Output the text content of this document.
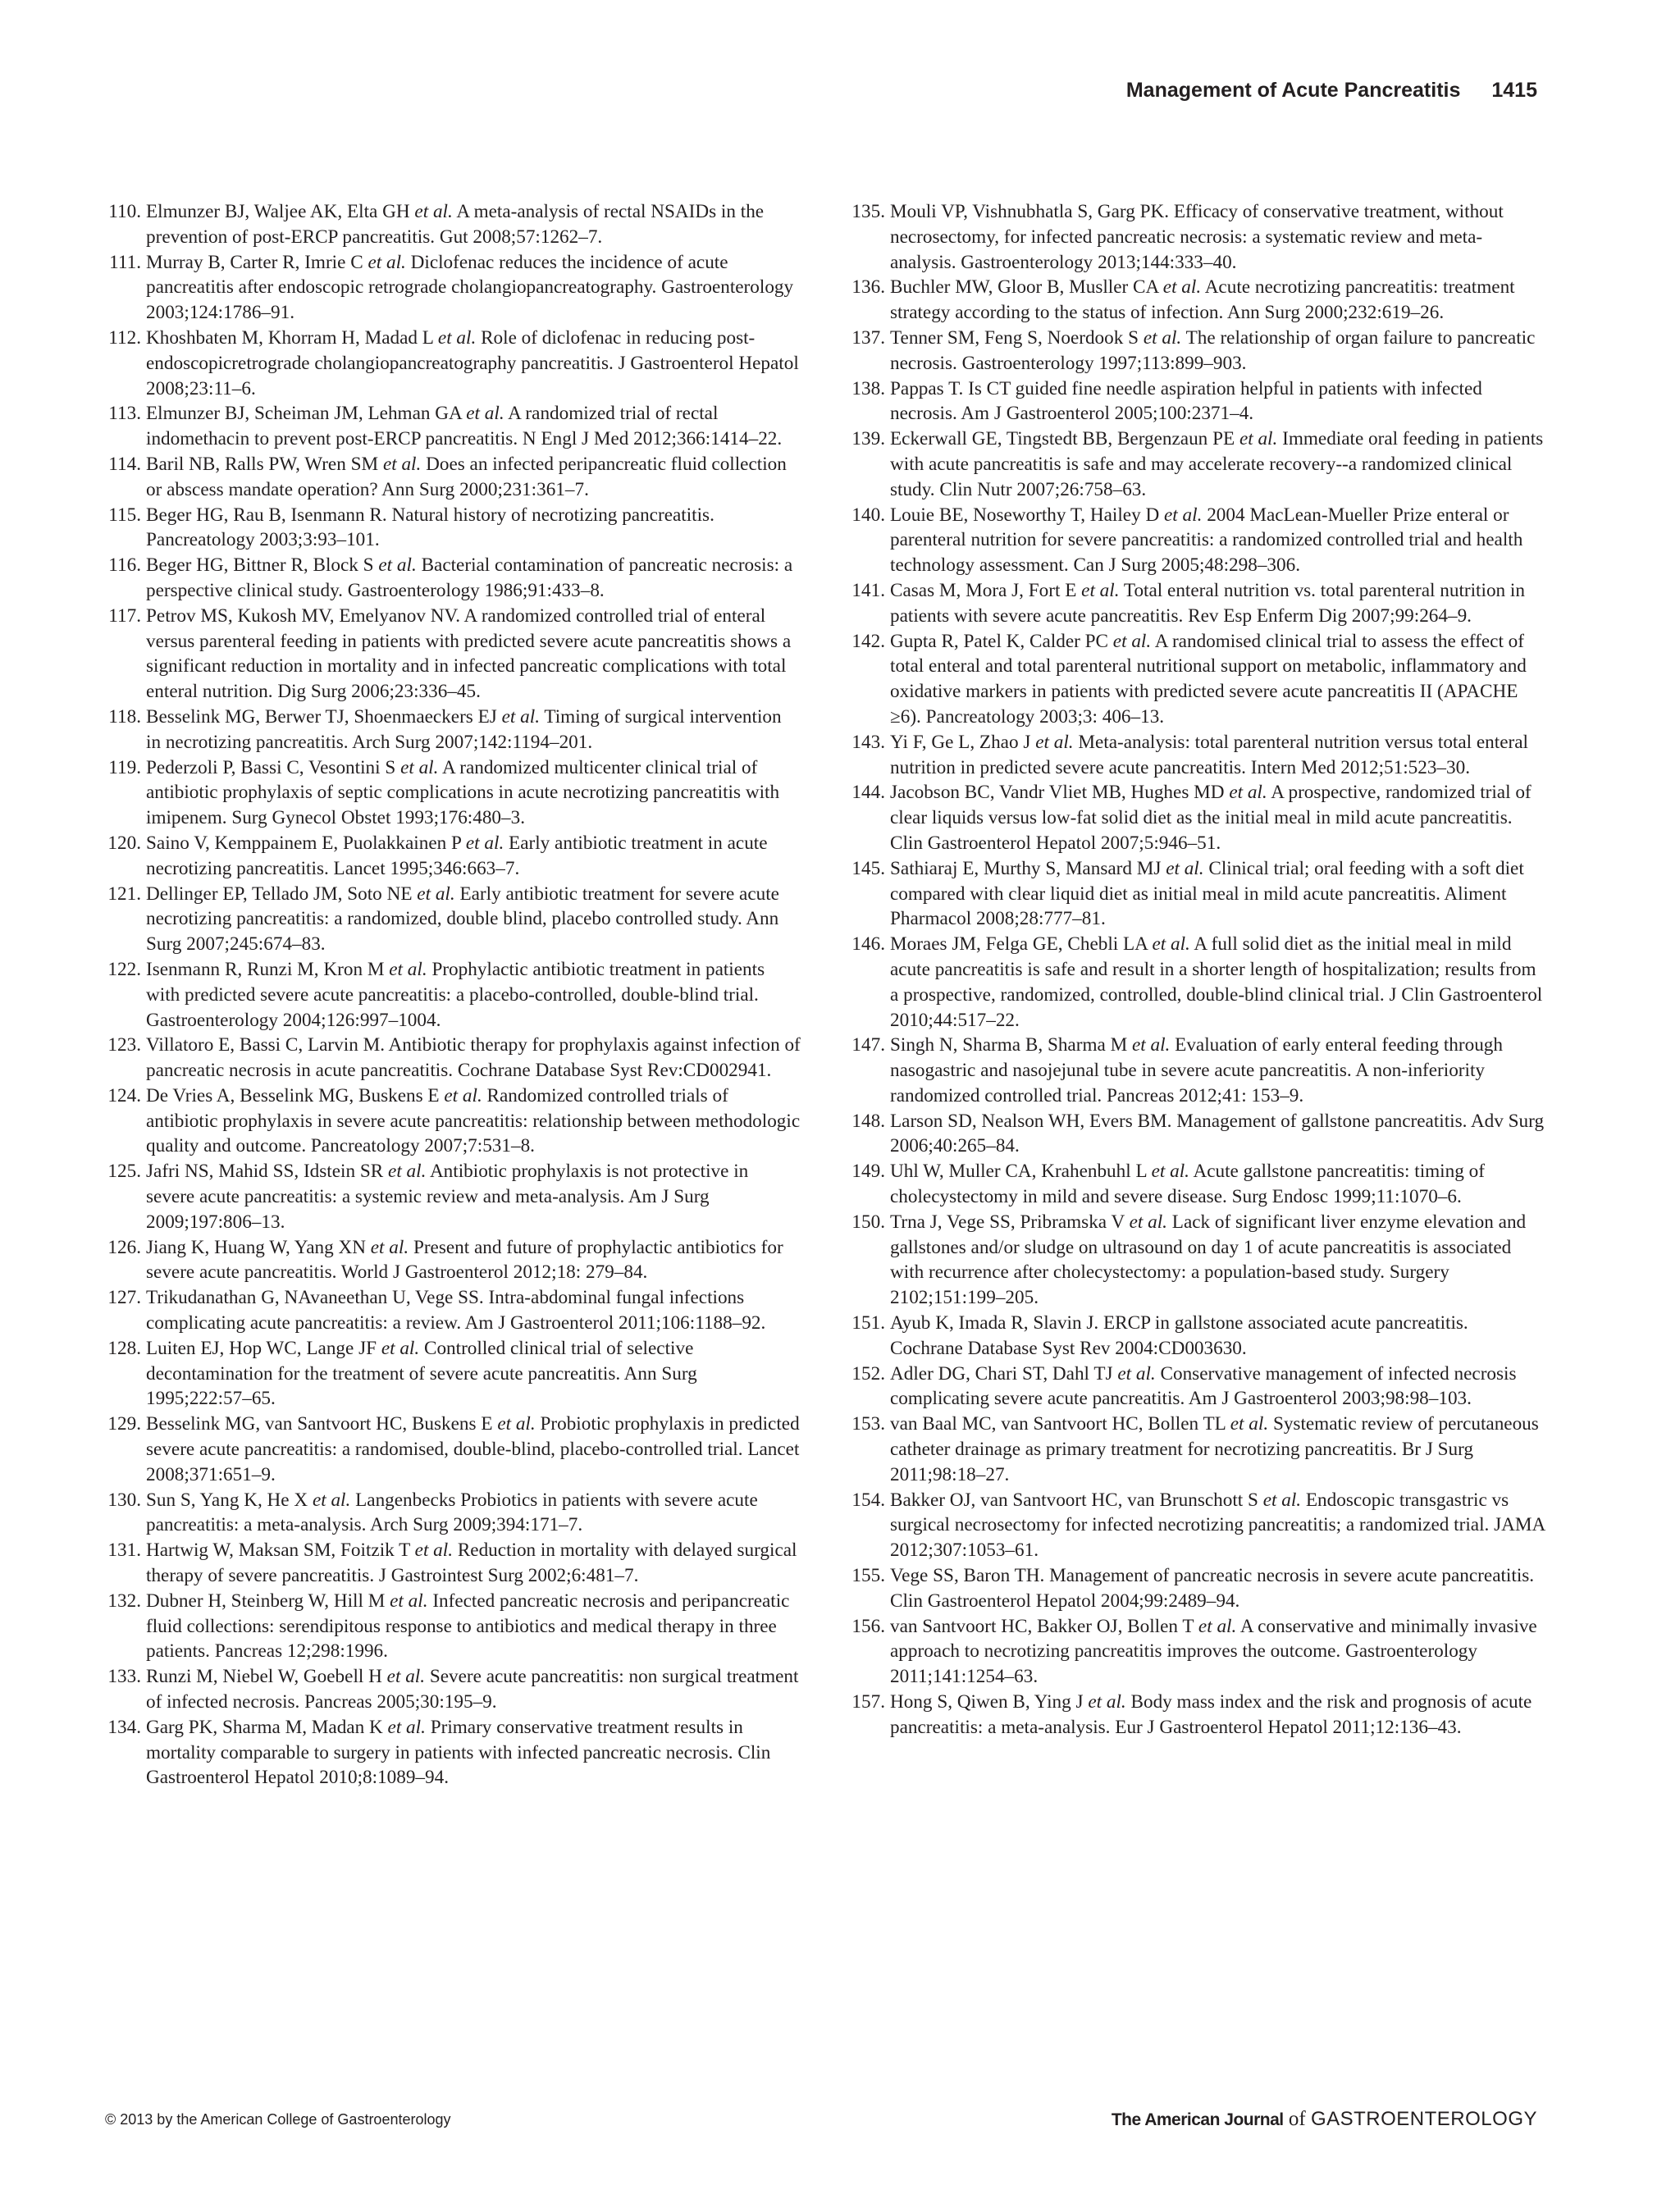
Management of Acute Pancreatitis 1415
110. Elmunzer BJ, Waljee AK, Elta GH et al. A meta-analysis of rectal NSAIDs in the prevention of post-ERCP pancreatitis. Gut 2008;57:1262–7.
111. Murray B, Carter R, Imrie C et al. Diclofenac reduces the incidence of acute pancreatitis after endoscopic retrograde cholangiopancreatography. Gastroenterology 2003;124:1786–91.
112. Khoshbaten M, Khorram H, Madad L et al. Role of diclofenac in reducing post-endoscopicretrograde cholangiopancreatography pancreatitis. J Gastroenterol Hepatol 2008;23:11–6.
113. Elmunzer BJ, Scheiman JM, Lehman GA et al. A randomized trial of rectal indomethacin to prevent post-ERCP pancreatitis. N Engl J Med 2012;366:1414–22.
114. Baril NB, Ralls PW, Wren SM et al. Does an infected peripancreatic fluid collection or abscess mandate operation? Ann Surg 2000;231:361–7.
115. Beger HG, Rau B, Isenmann R. Natural history of necrotizing pancreatitis. Pancreatology 2003;3:93–101.
116. Beger HG, Bittner R, Block S et al. Bacterial contamination of pancreatic necrosis: a perspective clinical study. Gastroenterology 1986;91:433–8.
117. Petrov MS, Kukosh MV, Emelyanov NV. A randomized controlled trial of enteral versus parenteral feeding in patients with predicted severe acute pancreatitis shows a significant reduction in mortality and in infected pancreatic complications with total enteral nutrition. Dig Surg 2006;23:336–45.
118. Besselink MG, Berwer TJ, Shoenmaeckers EJ et al. Timing of surgical intervention in necrotizing pancreatitis. Arch Surg 2007;142:1194–201.
119. Pederzoli P, Bassi C, Vesontini S et al. A randomized multicenter clinical trial of antibiotic prophylaxis of septic complications in acute necrotizing pancreatitis with imipenem. Surg Gynecol Obstet 1993;176:480–3.
120. Saino V, Kemppainem E, Puolakkainen P et al. Early antibiotic treatment in acute necrotizing pancreatitis. Lancet 1995;346:663–7.
121. Dellinger EP, Tellado JM, Soto NE et al. Early antibiotic treatment for severe acute necrotizing pancreatitis: a randomized, double blind, placebo controlled study. Ann Surg 2007;245:674–83.
122. Isenmann R, Runzi M, Kron M et al. Prophylactic antibiotic treatment in patients with predicted severe acute pancreatitis: a placebo-controlled, double-blind trial. Gastroenterology 2004;126:997–1004.
123. Villatoro E, Bassi C, Larvin M. Antibiotic therapy for prophylaxis against infection of pancreatic necrosis in acute pancreatitis. Cochrane Database Syst Rev:CD002941.
124. De Vries A, Besselink MG, Buskens E et al. Randomized controlled trials of antibiotic prophylaxis in severe acute pancreatitis: relationship between methodologic quality and outcome. Pancreatology 2007;7:531–8.
125. Jafri NS, Mahid SS, Idstein SR et al. Antibiotic prophylaxis is not protective in severe acute pancreatitis: a systemic review and meta-analysis. Am J Surg 2009;197:806–13.
126. Jiang K, Huang W, Yang XN et al. Present and future of prophylactic antibiotics for severe acute pancreatitis. World J Gastroenterol 2012;18: 279–84.
127. Trikudanathan G, NAvaneethan U, Vege SS. Intra-abdominal fungal infections complicating acute pancreatitis: a review. Am J Gastroenterol 2011;106:1188–92.
128. Luiten EJ, Hop WC, Lange JF et al. Controlled clinical trial of selective decontamination for the treatment of severe acute pancreatitis. Ann Surg 1995;222:57–65.
129. Besselink MG, van Santvoort HC, Buskens E et al. Probiotic prophylaxis in predicted severe acute pancreatitis: a randomised, double-blind, placebo-controlled trial. Lancet 2008;371:651–9.
130. Sun S, Yang K, He X et al. Langenbecks Probiotics in patients with severe acute pancreatitis: a meta-analysis. Arch Surg 2009;394:171–7.
131. Hartwig W, Maksan SM, Foitzik T et al. Reduction in mortality with delayed surgical therapy of severe pancreatitis. J Gastrointest Surg 2002;6:481–7.
132. Dubner H, Steinberg W, Hill M et al. Infected pancreatic necrosis and peripancreatic fluid collections: serendipitous response to antibiotics and medical therapy in three patients. Pancreas 12;298:1996.
133. Runzi M, Niebel W, Goebell H et al. Severe acute pancreatitis: non surgical treatment of infected necrosis. Pancreas 2005;30:195–9.
134. Garg PK, Sharma M, Madan K et al. Primary conservative treatment results in mortality comparable to surgery in patients with infected pancreatic necrosis. Clin Gastroenterol Hepatol 2010;8:1089–94.
135. Mouli VP, Vishnubhatla S, Garg PK. Efficacy of conservative treatment, without necrosectomy, for infected pancreatic necrosis: a systematic review and meta-analysis. Gastroenterology 2013;144:333–40.
136. Buchler MW, Gloor B, Musller CA et al. Acute necrotizing pancreatitis: treatment strategy according to the status of infection. Ann Surg 2000;232:619–26.
137. Tenner SM, Feng S, Noerdook S et al. The relationship of organ failure to pancreatic necrosis. Gastroenterology 1997;113:899–903.
138. Pappas T. Is CT guided fine needle aspiration helpful in patients with infected necrosis. Am J Gastroenterol 2005;100:2371–4.
139. Eckerwall GE, Tingstedt BB, Bergenzaun PE et al. Immediate oral feeding in patients with acute pancreatitis is safe and may accelerate recovery--a randomized clinical study. Clin Nutr 2007;26:758–63.
140. Louie BE, Noseworthy T, Hailey D et al. 2004 MacLean-Mueller Prize enteral or parenteral nutrition for severe pancreatitis: a randomized controlled trial and health technology assessment. Can J Surg 2005;48:298–306.
141. Casas M, Mora J, Fort E et al. Total enteral nutrition vs. total parenteral nutrition in patients with severe acute pancreatitis. Rev Esp Enferm Dig 2007;99:264–9.
142. Gupta R, Patel K, Calder PC et al. A randomised clinical trial to assess the effect of total enteral and total parenteral nutritional support on metabolic, inflammatory and oxidative markers in patients with predicted severe acute pancreatitis II (APACHE ≥6). Pancreatology 2003;3: 406–13.
143. Yi F, Ge L, Zhao J et al. Meta-analysis: total parenteral nutrition versus total enteral nutrition in predicted severe acute pancreatitis. Intern Med 2012;51:523–30.
144. Jacobson BC, Vandr Vliet MB, Hughes MD et al. A prospective, randomized trial of clear liquids versus low-fat solid diet as the initial meal in mild acute pancreatitis. Clin Gastroenterol Hepatol 2007;5:946–51.
145. Sathiaraj E, Murthy S, Mansard MJ et al. Clinical trial; oral feeding with a soft diet compared with clear liquid diet as initial meal in mild acute pancreatitis. Aliment Pharmacol 2008;28:777–81.
146. Moraes JM, Felga GE, Chebli LA et al. A full solid diet as the initial meal in mild acute pancreatitis is safe and result in a shorter length of hospitalization; results from a prospective, randomized, controlled, double-blind clinical trial. J Clin Gastroenterol 2010;44:517–22.
147. Singh N, Sharma B, Sharma M et al. Evaluation of early enteral feeding through nasogastric and nasojejunal tube in severe acute pancreatitis. A non-inferiority randomized controlled trial. Pancreas 2012;41: 153–9.
148. Larson SD, Nealson WH, Evers BM. Management of gallstone pancreatitis. Adv Surg 2006;40:265–84.
149. Uhl W, Muller CA, Krahenbuhl L et al. Acute gallstone pancreatitis: timing of cholecystectomy in mild and severe disease. Surg Endosc 1999;11:1070–6.
150. Trna J, Vege SS, Pribramska V et al. Lack of significant liver enzyme elevation and gallstones and/or sludge on ultrasound on day 1 of acute pancreatitis is associated with recurrence after cholecystectomy: a population-based study. Surgery 2102;151:199–205.
151. Ayub K, Imada R, Slavin J. ERCP in gallstone associated acute pancreatitis. Cochrane Database Syst Rev 2004:CD003630.
152. Adler DG, Chari ST, Dahl TJ et al. Conservative management of infected necrosis complicating severe acute pancreatitis. Am J Gastroenterol 2003;98:98–103.
153. van Baal MC, van Santvoort HC, Bollen TL et al. Systematic review of percutaneous catheter drainage as primary treatment for necrotizing pancreatitis. Br J Surg 2011;98:18–27.
154. Bakker OJ, van Santvoort HC, van Brunschott S et al. Endoscopic transgastric vs surgical necrosectomy for infected necrotizing pancreatitis; a randomized trial. JAMA 2012;307:1053–61.
155. Vege SS, Baron TH. Management of pancreatic necrosis in severe acute pancreatitis. Clin Gastroenterol Hepatol 2004;99:2489–94.
156. van Santvoort HC, Bakker OJ, Bollen T et al. A conservative and minimally invasive approach to necrotizing pancreatitis improves the outcome. Gastroenterology 2011;141:1254–63.
157. Hong S, Qiwen B, Ying J et al. Body mass index and the risk and prognosis of acute pancreatitis: a meta-analysis. Eur J Gastroenterol Hepatol 2011;12:136–43.
© 2013 by the American College of Gastroenterology	The American Journal of GASTROENTEROLOGY
